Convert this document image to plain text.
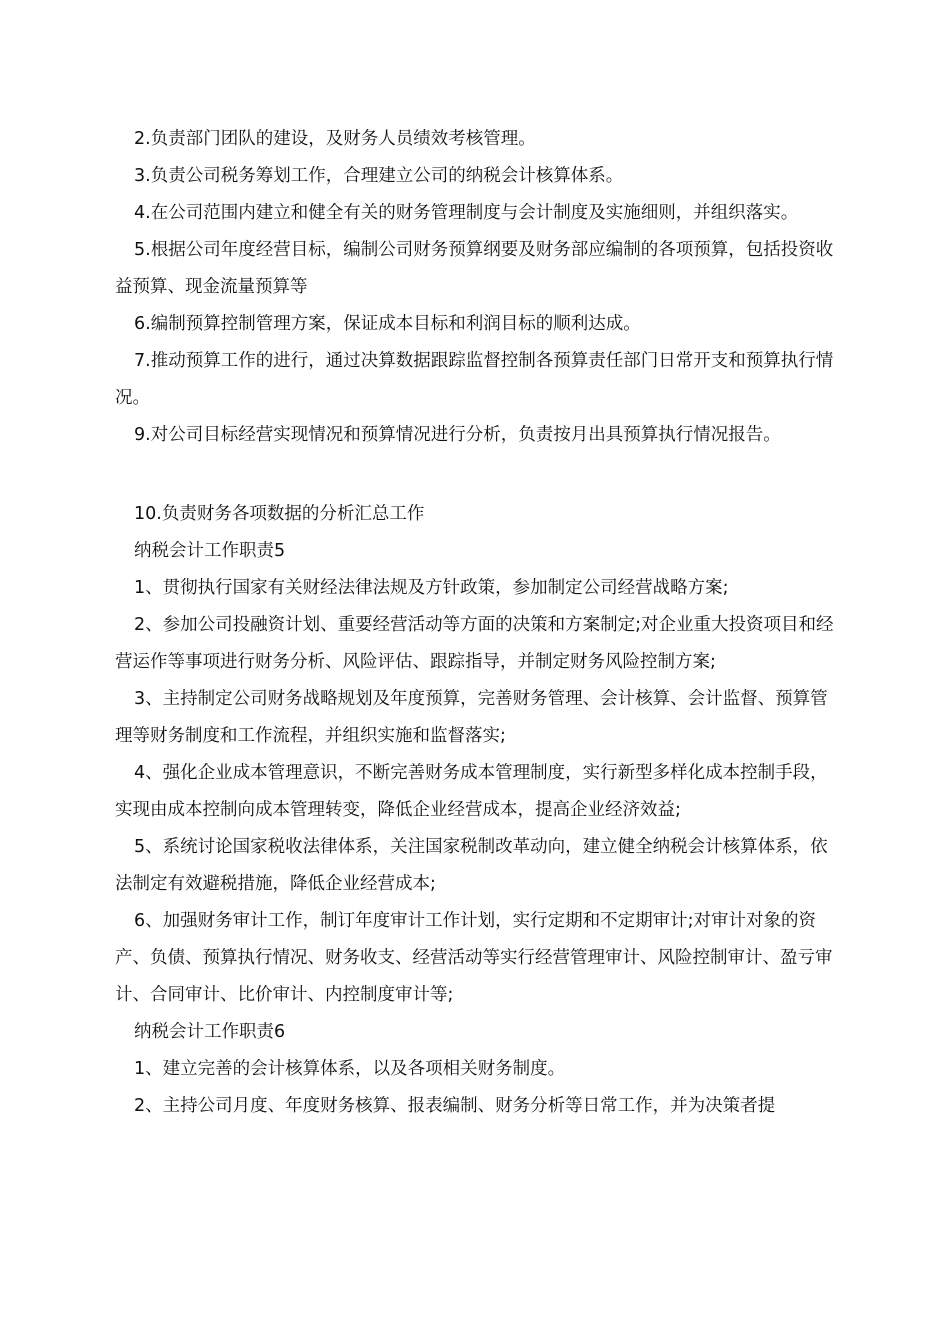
2.负责部门团队的建设，及财务人员绩效考核管理。

3.负责公司税务筹划工作，合理建立公司的纳税会计核算体系。

4.在公司范围内建立和健全有关的财务管理制度与会计制度及实施细则，并组织落实。

5.根据公司年度经营目标，编制公司财务预算纲要及财务部应编制的各项预算，包括投资收益预算、现金流量预算等

6.编制预算控制管理方案，保证成本目标和利润目标的顺利达成。

7.推动预算工作的进行，通过决算数据跟踪监督控制各预算责任部门日常开支和预算执行情况。

9.对公司目标经营实现情况和预算情况进行分析，负责按月出具预算执行情况报告。

10.负责财务各项数据的分析汇总工作

纳税会计工作职责5

1、贯彻执行国家有关财经法律法规及方针政策，参加制定公司经营战略方案;

2、参加公司投融资计划、重要经营活动等方面的决策和方案制定;对企业重大投资项目和经营运作等事项进行财务分析、风险评估、跟踪指导，并制定财务风险控制方案;

3、主持制定公司财务战略规划及年度预算，完善财务管理、会计核算、会计监督、预算管理等财务制度和工作流程，并组织实施和监督落实;

4、强化企业成本管理意识，不断完善财务成本管理制度，实行新型多样化成本控制手段，实现由成本控制向成本管理转变，降低企业经营成本，提高企业经济效益;

5、系统讨论国家税收法律体系，关注国家税制改革动向，建立健全纳税会计核算体系，依法制定有效避税措施，降低企业经营成本;

6、加强财务审计工作，制订年度审计工作计划，实行定期和不定期审计;对审计对象的资产、负债、预算执行情况、财务收支、经营活动等实行经营管理审计、风险控制审计、盈亏审计、合同审计、比价审计、内控制度审计等;

纳税会计工作职责6

1、建立完善的会计核算体系，以及各项相关财务制度。

2、主持公司月度、年度财务核算、报表编制、财务分析等日常工作，并为决策者提
